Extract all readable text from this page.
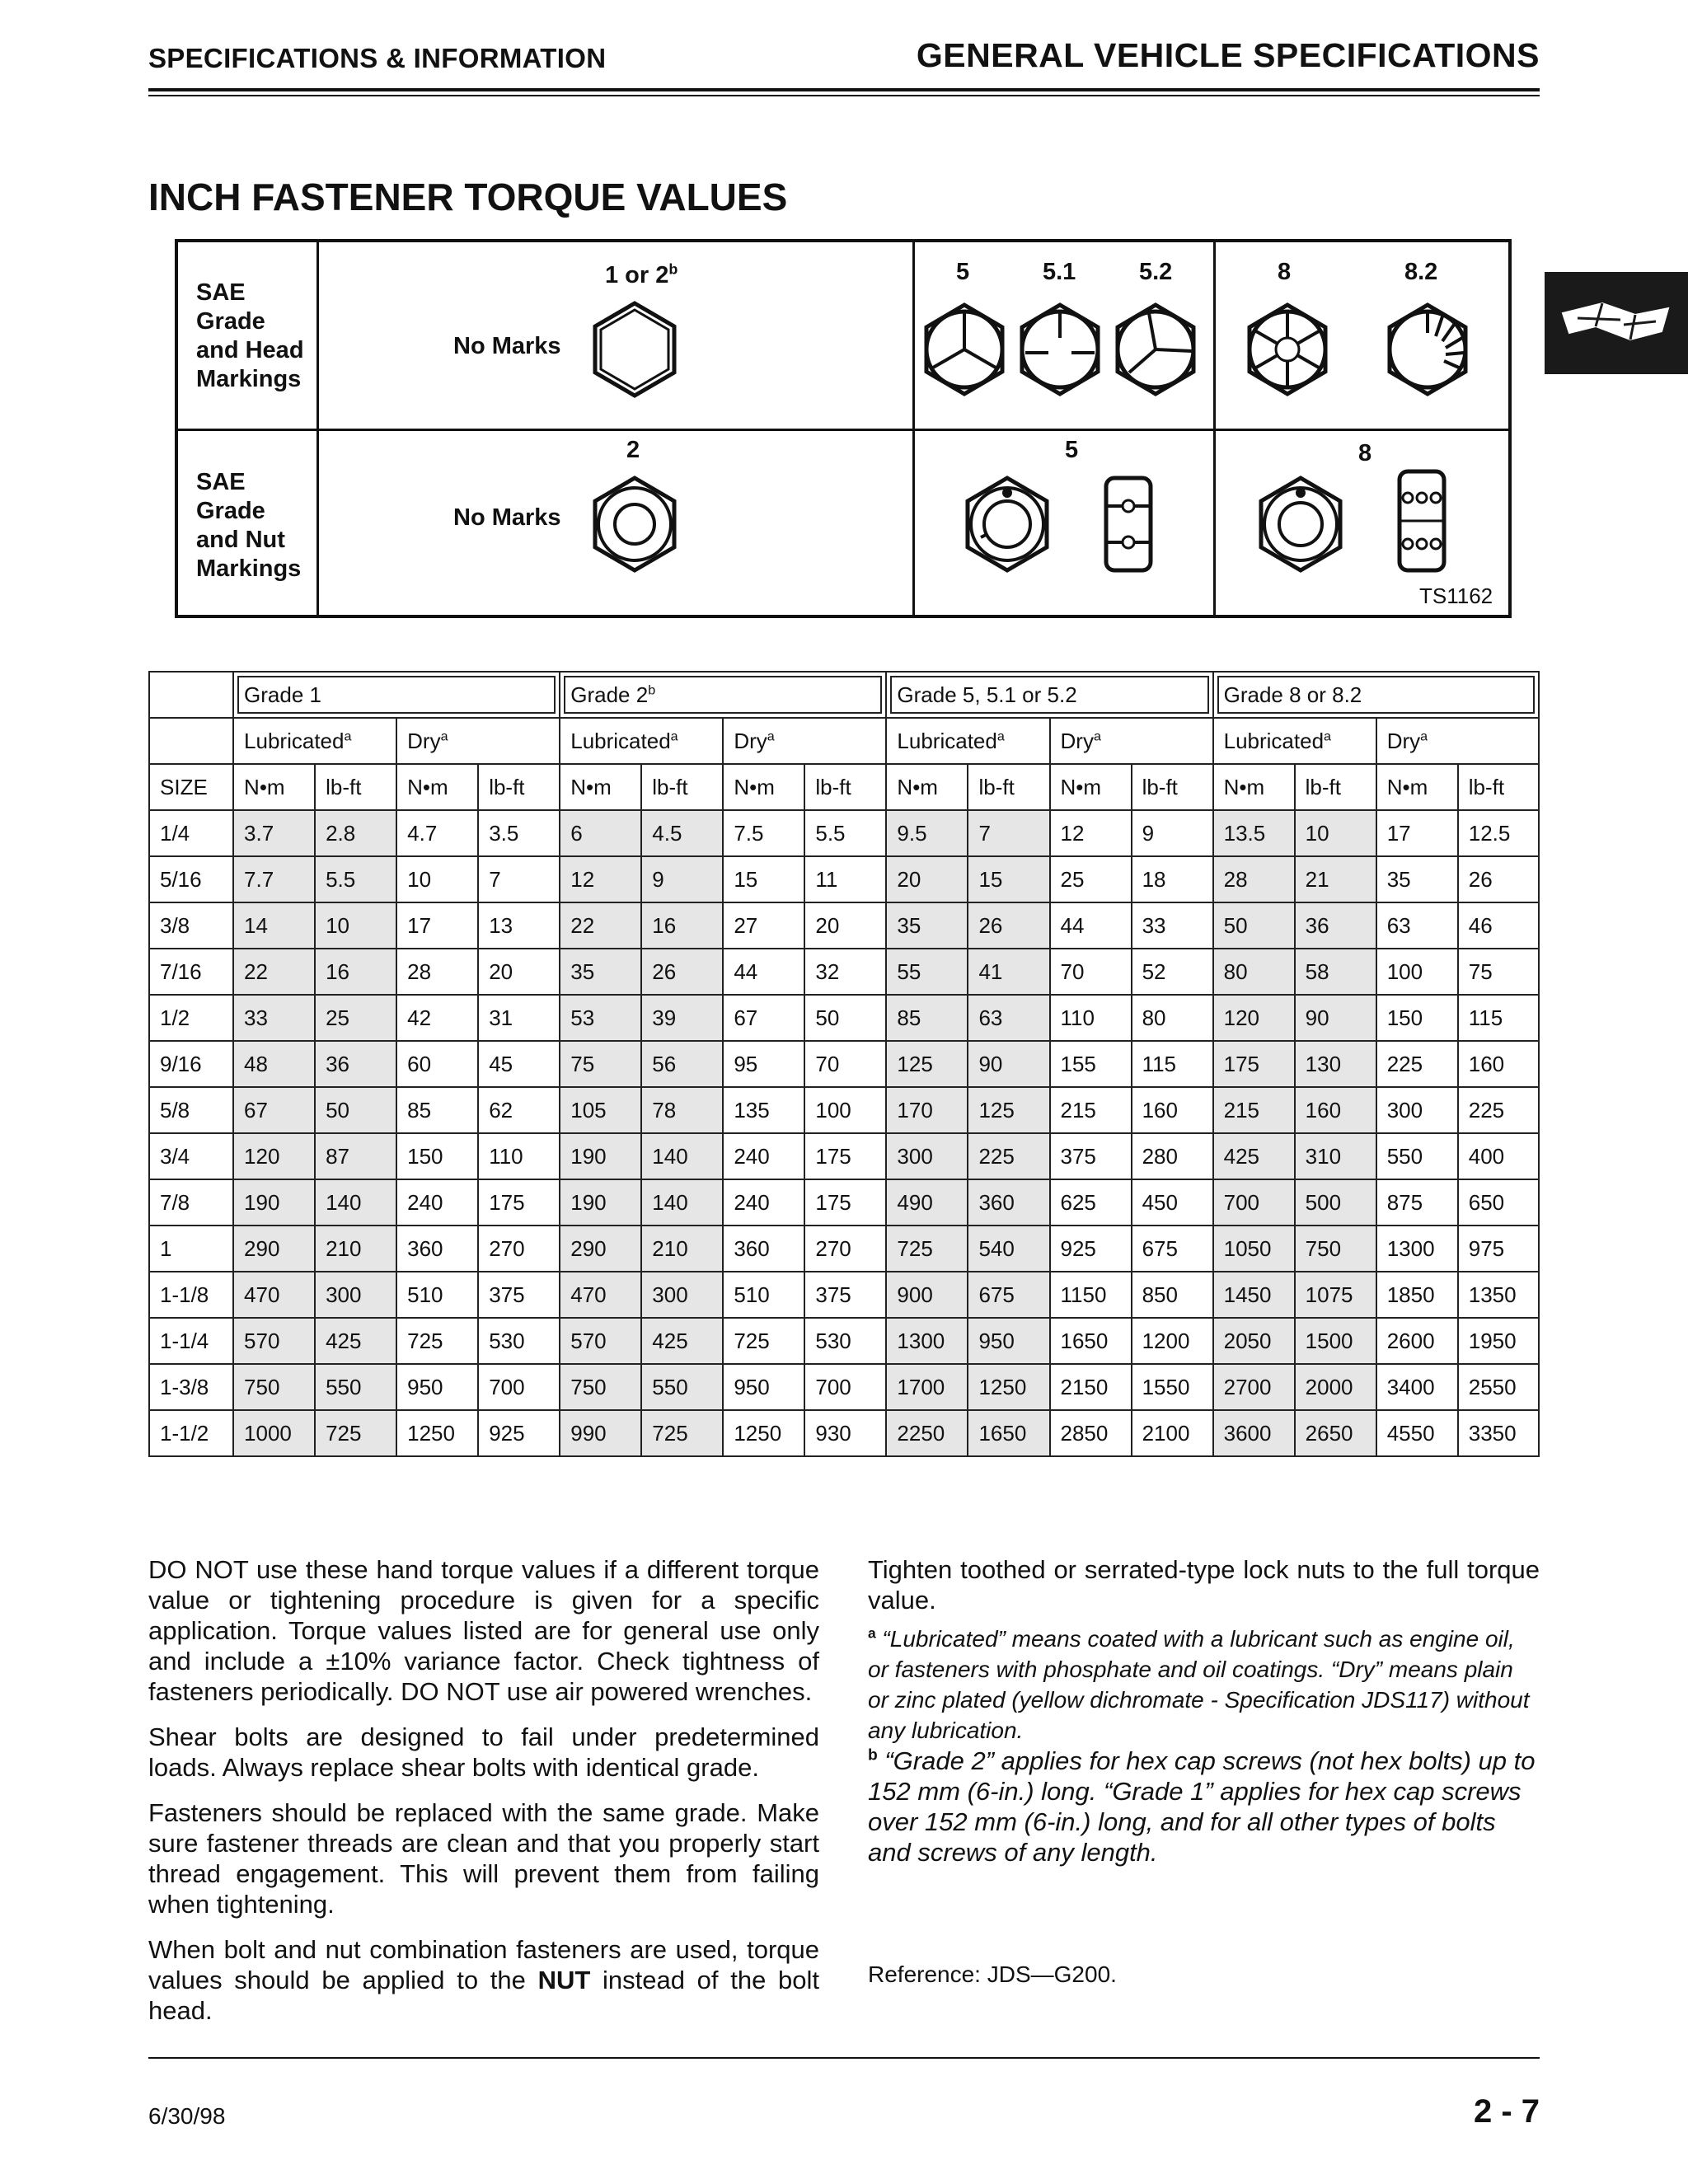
SPECIFICATIONS & INFORMATION	GENERAL VEHICLE SPECIFICATIONS
INCH FASTENER TORQUE VALUES
SAE Grade and Head Markings
SAE Grade and Nut Markings
No Marks
No Marks
1 or 2$^b$	5	5.1	5.2	8	8.2
2	5	8
TS1162
	Grade 1				Grade 2$^b$				Grade 5, 5.1 or 5.2				Grade 8 or 8.2			
	Lubricated$^a$		Dry$^a$		Lubricated$^a$		Dry$^a$		Lubricated$^a$		Dry$^a$		Lubricated$^a$		Dry$^a$
SIZE	N•m	lb-ft	N•m	lb-ft	N•m	lb-ft	N•m	lb-ft	N•m	lb-ft	N•m	lb-ft	N•m	lb-ft	N•m	lb-ft
1/4	3.7	2.8	4.7	3.5	6	4.5	7.5	5.5	9.5	7	12	9	13.5	10	17	12.5
5/16	7.7	5.5	10	7	12	9	15	11	20	15	25	18	28	21	35	26
3/8	14	10	17	13	22	16	27	20	35	26	44	33	50	36	63	46
7/16	22	16	28	20	35	26	44	32	55	41	70	52	80	58	100	75
1/2	33	25	42	31	53	39	67	50	85	63	110	80	120	90	150	115
9/16	48	36	60	45	75	56	95	70	125	90	155	115	175	130	225	160
5/8	67	50	85	62	105	78	135	100	170	125	215	160	215	160	300	225
3/4	120	87	150	110	190	140	240	175	300	225	375	280	425	310	550	400
7/8	190	140	240	175	190	140	240	175	490	360	625	450	700	500	875	650
1	290	210	360	270	290	210	360	270	725	540	925	675	1050	750	1300	975
1-1/8	470	300	510	375	470	300	510	375	900	675	1150	850	1450	1075	1850	1350
1-1/4	570	425	725	530	570	425	725	530	1300	950	1650	1200	2050	1500	2600	1950
1-3/8	750	550	950	700	750	550	950	700	1700	1250	2150	1550	2700	2000	3400	2550
1-1/2	1000	725	1250	925	990	725	1250	930	2250	1650	2850	2100	3600	2650	4550	3350

DO NOT use these hand torque values if a different torque value or tightening procedure is given for a specific application. Torque values listed are for general use only and include a ±10% variance factor. Check tightness of fasteners periodically. DO NOT use air powered wrenches.

Shear bolts are designed to fail under predetermined loads. Always replace shear bolts with identical grade.

Fasteners should be replaced with the same grade. Make sure fastener threads are clean and that you properly start thread engagement. This will prevent them from failing when tightening.

When bolt and nut combination fasteners are used, torque values should be applied to the NUT instead of the bolt head.

Tighten toothed or serrated-type lock nuts to the full torque value.

$^a$ “Lubricated” means coated with a lubricant such as engine oil, or fasteners with phosphate and oil coatings. “Dry” means plain or zinc plated (yellow dichromate - Specification JDS117) without any lubrication.

$^b$ “Grade 2” applies for hex cap screws (not hex bolts) up to 152 mm (6-in.) long. “Grade 1” applies for hex cap screws over 152 mm (6-in.) long, and for all other types of bolts and screws of any length.

Reference: JDS—G200.
6/30/98	2 - 7
